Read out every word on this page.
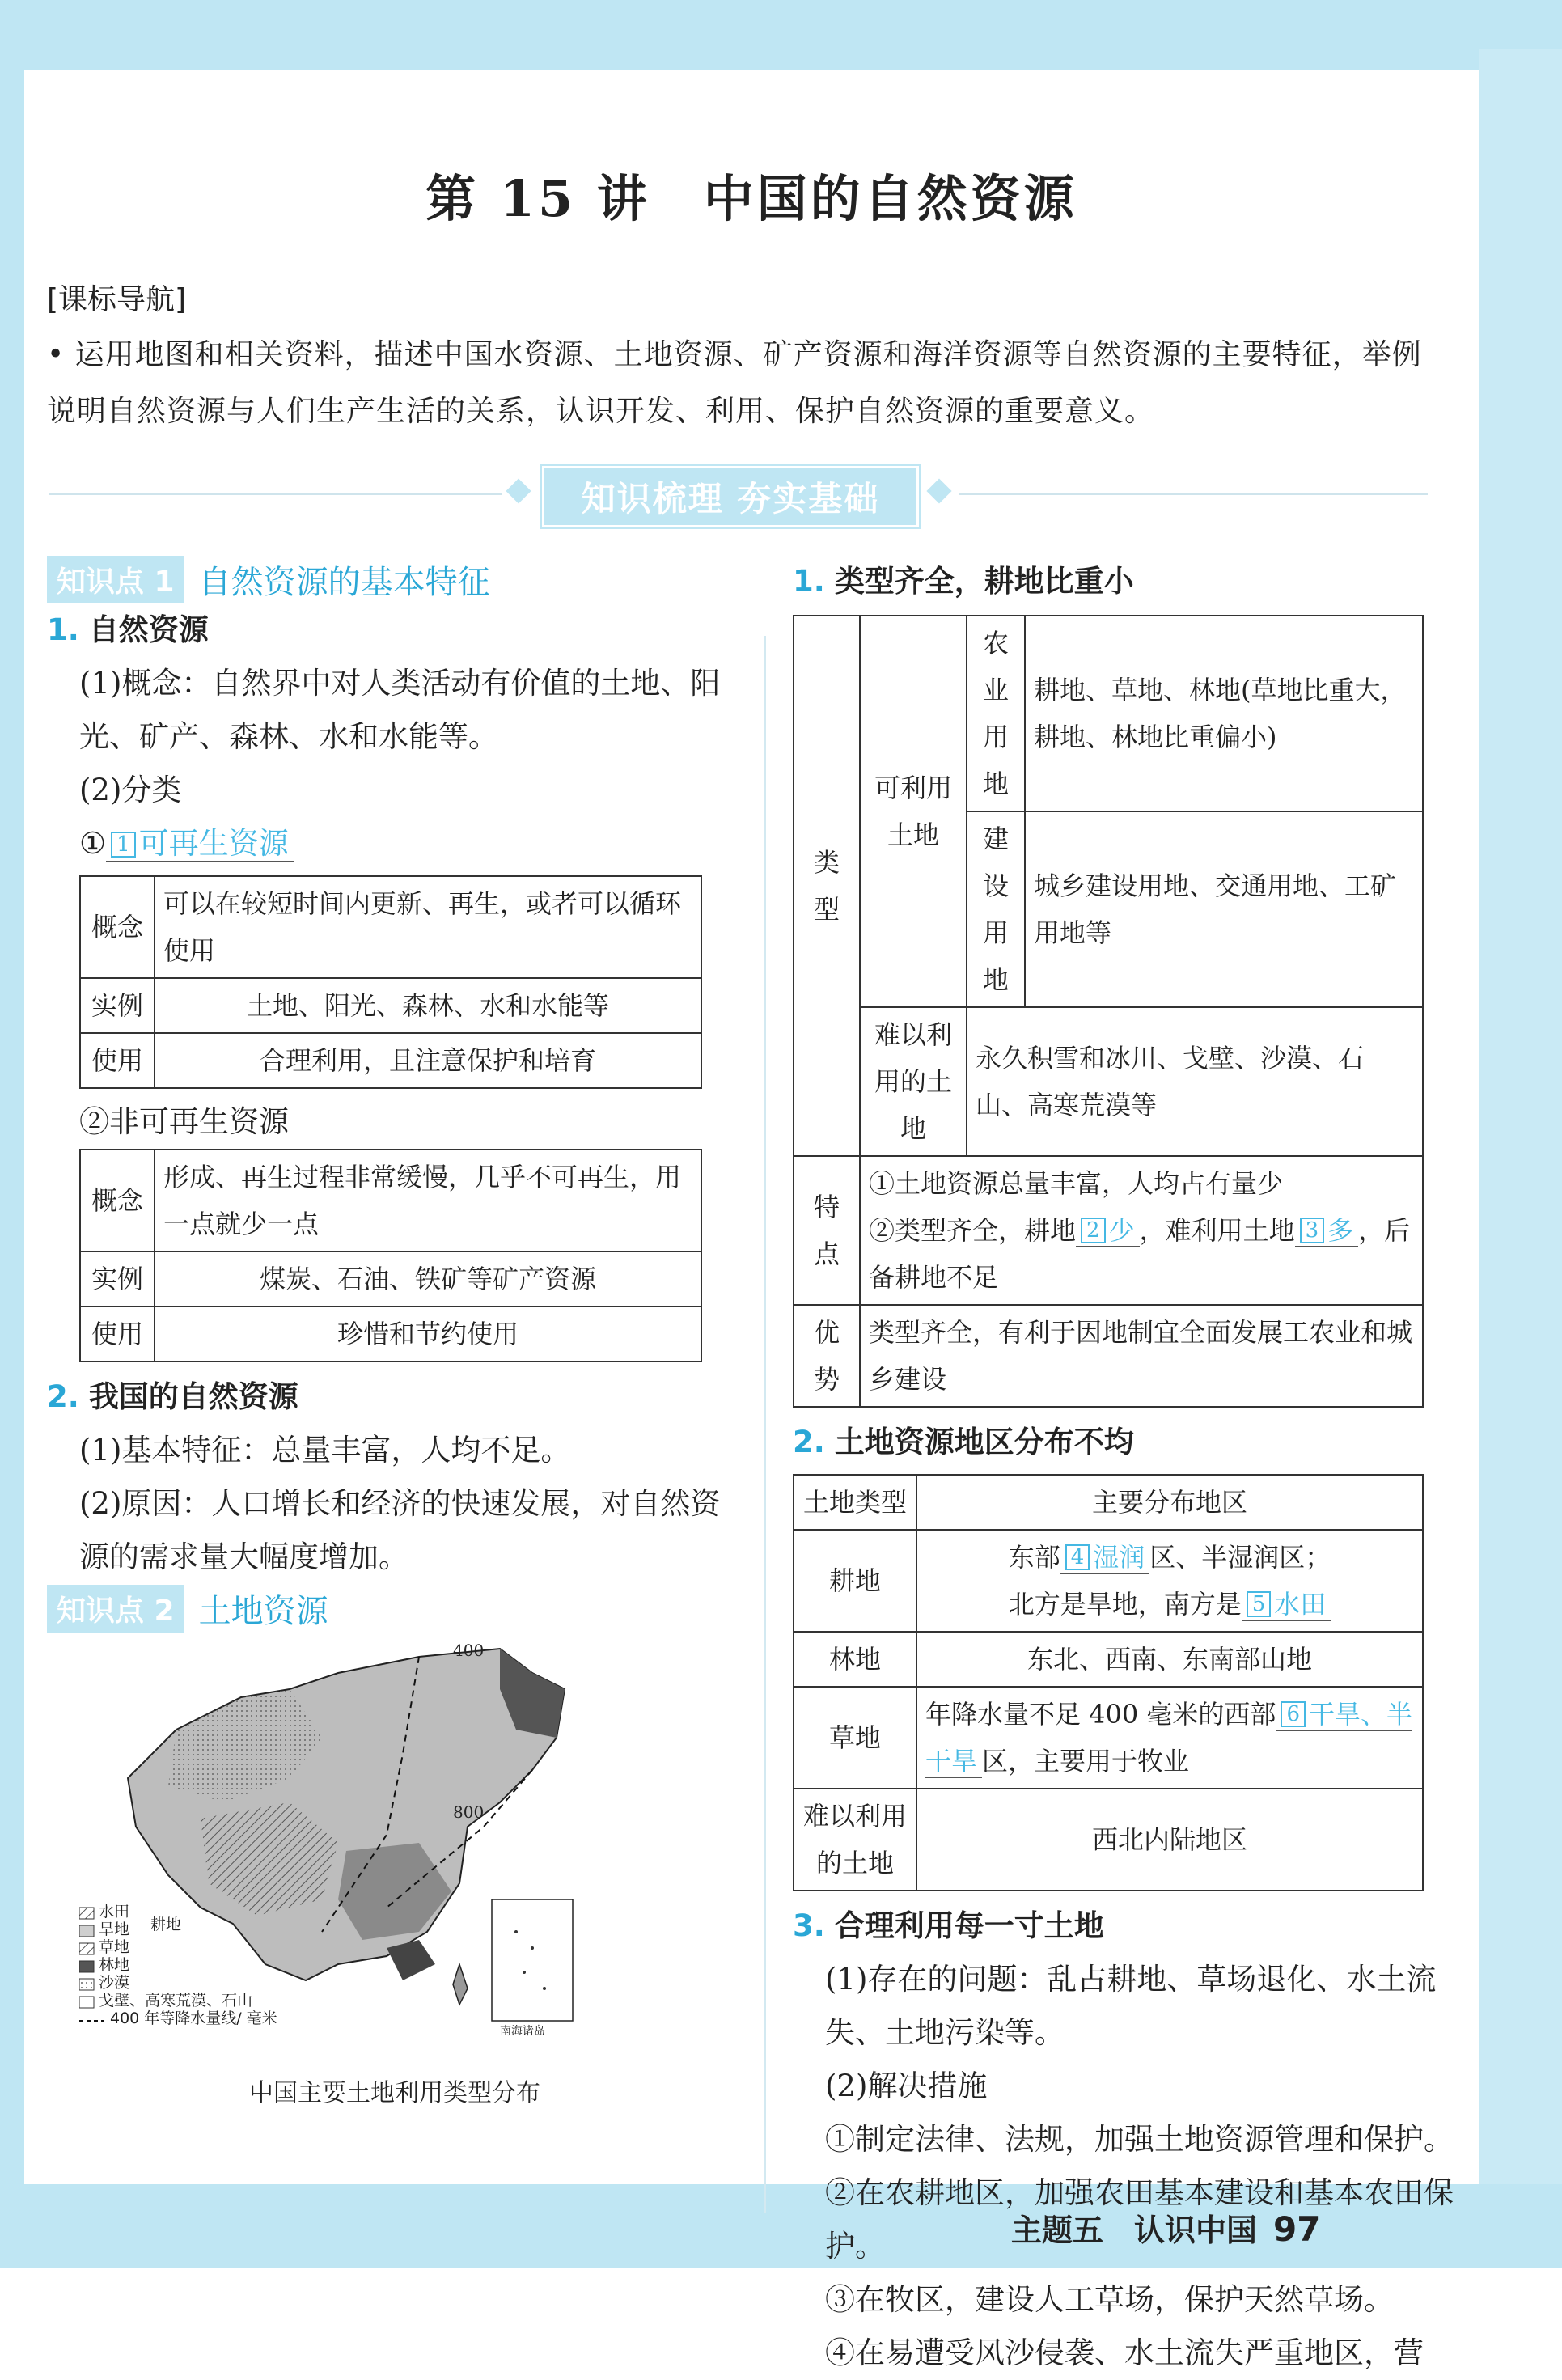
第 15 讲　中国的自然资源
[课标导航]
• 运用地图和相关资料，描述中国水资源、土地资源、矿产资源和海洋资源等自然资源的主要特征，举例说明自然资源与人们生产生活的关系，认识开发、利用、保护自然资源的重要意义。
知识梳理 夯实基础
知识点 1 自然资源的基本特征
1. 自然资源
(1)概念：自然界中对人类活动有价值的土地、阳光、矿产、森林、水和水能等。
(2)分类
① 1 可再生资源
概念	可以在较短时间内更新、再生，或者可以循环使用
实例	土地、阳光、森林、水和水能等
使用	合理利用，且注意保护和培育
②非可再生资源
概念	形成、再生过程非常缓慢，几乎不可再生，用一点就少一点
实例	煤炭、石油、铁矿等矿产资源
使用	珍惜和节约使用
2. 我国的自然资源
(1)基本特征：总量丰富，人均不足。
(2)原因：人口增长和经济的快速发展，对自然资源的需求量大幅度增加。
知识点 2 土地资源
400
800
南海诸岛
水田
旱地
草地
林地
沙漠
戈壁、高寒荒漠、石山
400 年等降水量线/ 毫米
耕地
中国主要土地利用类型分布
1. 类型齐全，耕地比重小
类型	可利用土地	农业用地	耕地、草地、林地(草地比重大，耕地、林地比重偏小)
		建设用地	城乡建设用地、交通用地、工矿用地等
	难以利用的土地	永久积雪和冰川、戈壁、沙漠、石山、高寒荒漠等	
特点	①土地资源总量丰富，人均占有量少
②类型齐全，耕地 2 少 ，难利用土地 3 多 ，后备耕地不足		

优势	类型齐全，有利于因地制宜全面发展工农业和城乡建设		
2. 土地资源地区分布不均
土地类型	主要分布地区
耕地	东部 4 湿润 区、半湿润区；
北方是旱地，南方是 5 水田

林地	东北、西南、东南部山地
草地	年降水量不足 400 毫米的西部 6 干旱、半干旱 区，主要用于牧业
难以利用的土地	西北内陆地区
3. 合理利用每一寸土地
(1)存在的问题：乱占耕地、草场退化、水土流失、土地污染等。
(2)解决措施
①制定法律、法规，加强土地资源管理和保护。
②在农耕地区，加强农田基本建设和基本农田保护。
③在牧区，建设人工草场，保护天然草场。
④在易遭受风沙侵袭、水土流失严重地区，营
主题五　认识中国 97
